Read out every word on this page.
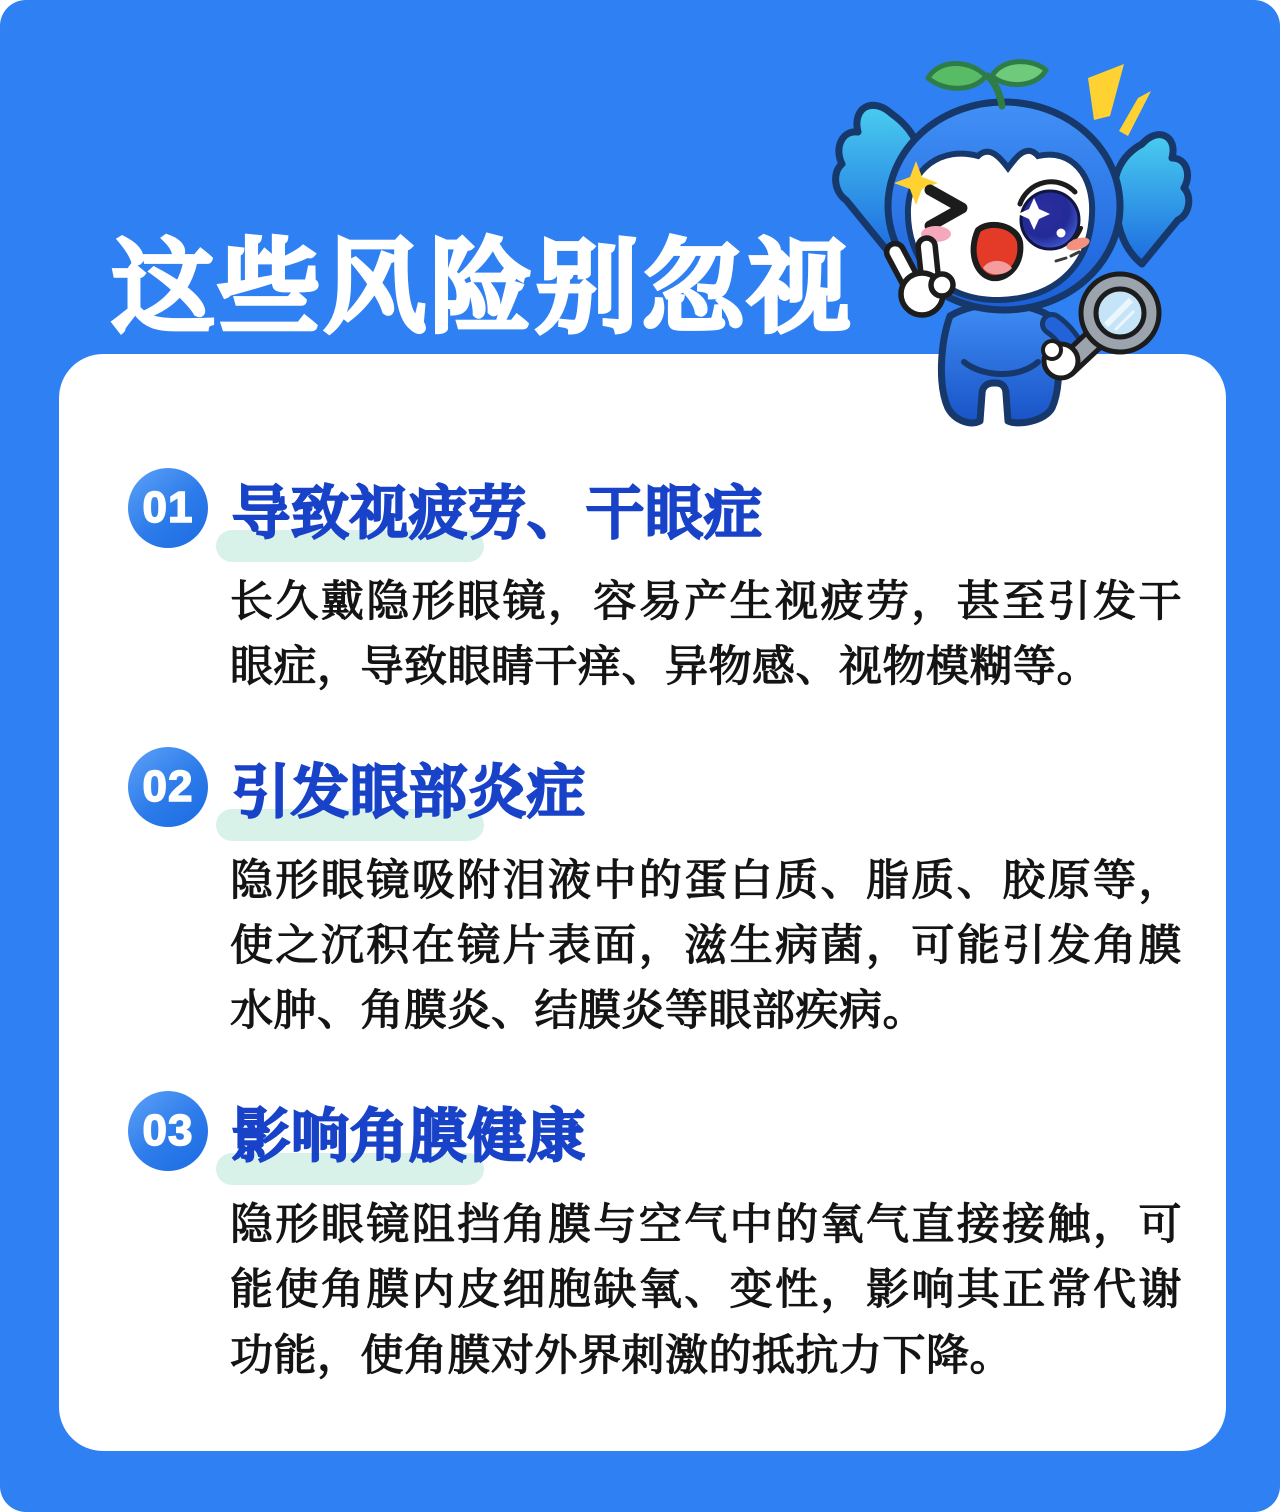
这些风险别忽视
01 导致视疲劳、干眼症

长久戴隐形眼镜，容易产生视疲劳，甚至引发干眼症，导致眼睛干痒、异物感、视物模糊等。

02 引发眼部炎症

隐形眼镜吸附泪液中的蛋白质、脂质、胶原等，使之沉积在镜片表面，滋生病菌，可能引发角膜水肿、角膜炎、结膜炎等眼部疾病。

03 影响角膜健康

隐形眼镜阻挡角膜与空气中的氧气直接接触，可能使角膜内皮细胞缺氧、变性，影响其正常代谢功能，使角膜对外界刺激的抵抗力下降。
